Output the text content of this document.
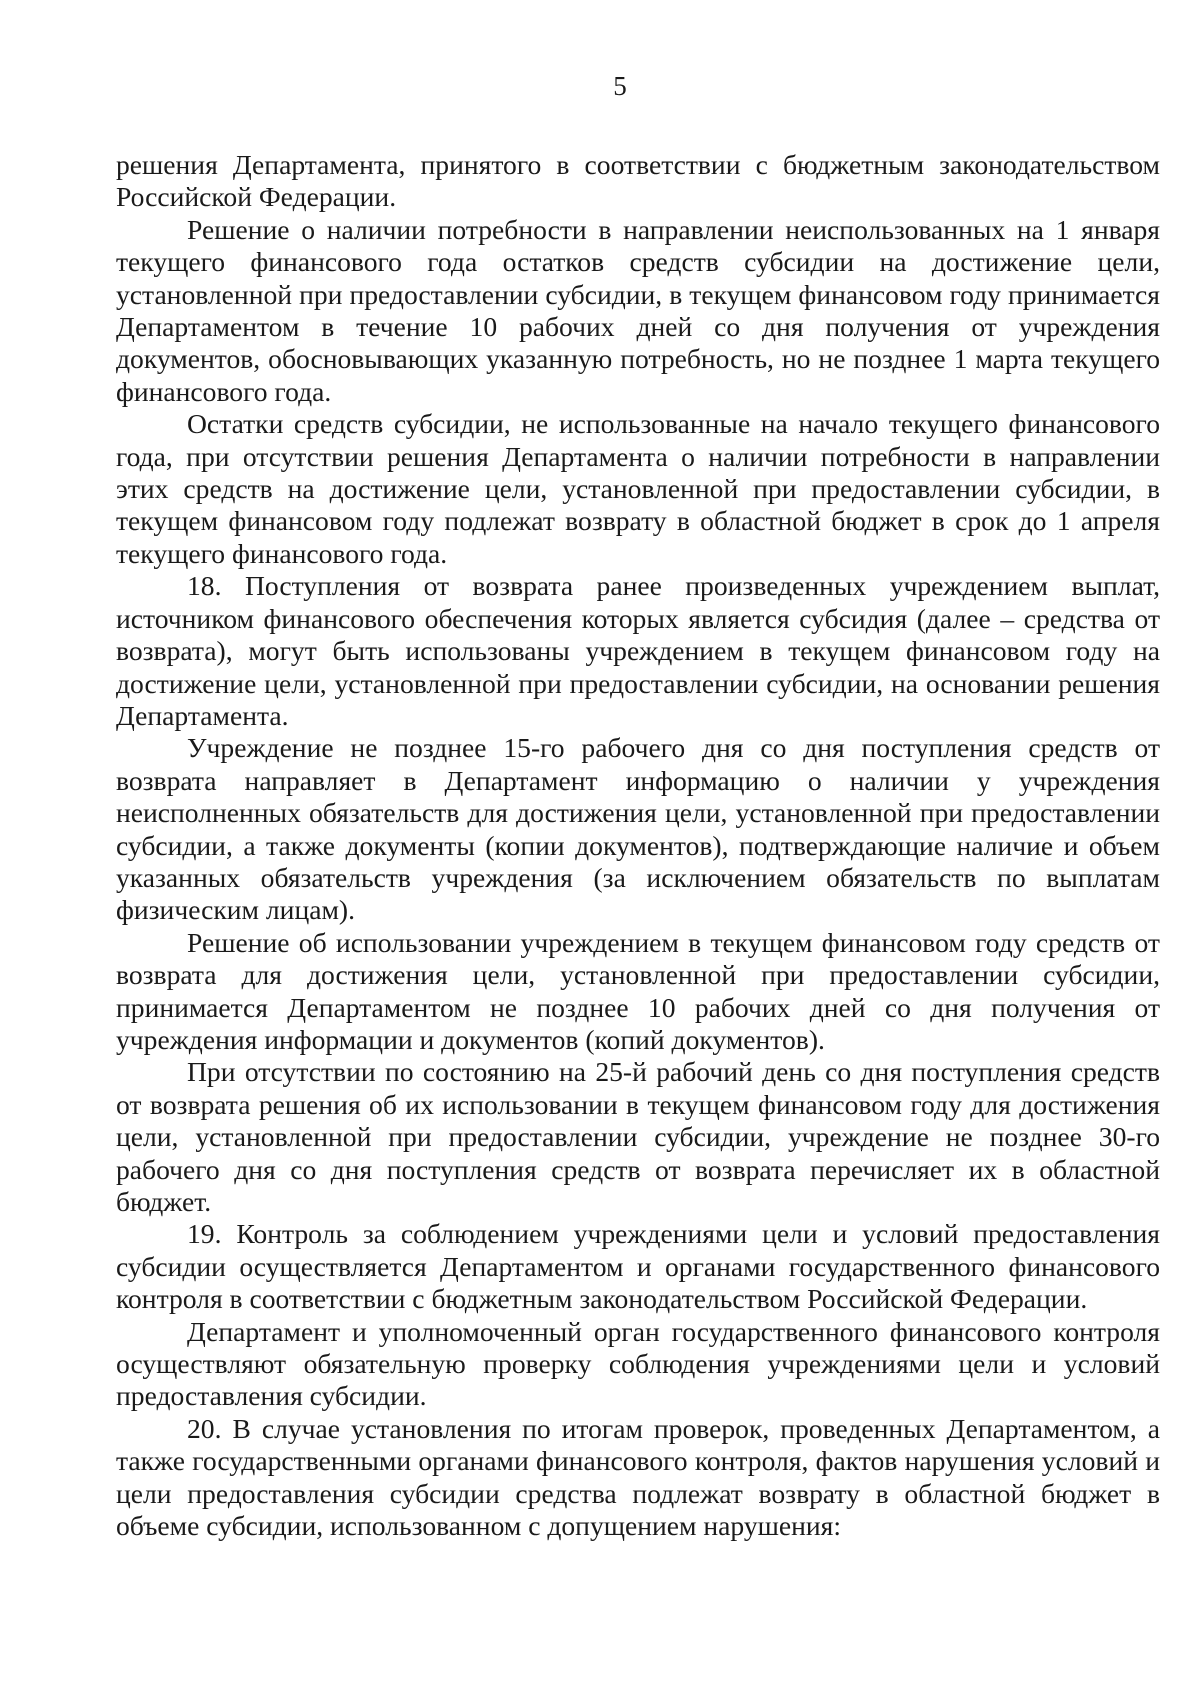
5

решения Департамента, принятого в соответствии с бюджетным законодательством Российской Федерации.

Решение о наличии потребности в направлении неиспользованных на 1 января текущего финансового года остатков средств субсидии на достижение цели, установленной при предоставлении субсидии, в текущем финансовом году принимается Департаментом в течение 10 рабочих дней со дня получения от учреждения документов, обосновывающих указанную потребность, но не позднее 1 марта текущего финансового года.

Остатки средств субсидии, не использованные на начало текущего финансового года, при отсутствии решения Департамента о наличии потребности в направлении этих средств на достижение цели, установленной при предоставлении субсидии, в текущем финансовом году подлежат возврату в областной бюджет в срок до 1 апреля текущего финансового года.

18. Поступления от возврата ранее произведенных учреждением выплат, источником финансового обеспечения которых является субсидия (далее – средства от возврата), могут быть использованы учреждением в текущем финансовом году на достижение цели, установленной при предоставлении субсидии, на основании решения Департамента.

Учреждение не позднее 15-го рабочего дня со дня поступления средств от возврата направляет в Департамент информацию о наличии у учреждения неисполненных обязательств для достижения цели, установленной при предоставлении субсидии, а также документы (копии документов), подтверждающие наличие и объем указанных обязательств учреждения (за исключением обязательств по выплатам физическим лицам).

Решение об использовании учреждением в текущем финансовом году средств от возврата для достижения цели, установленной при предоставлении субсидии, принимается Департаментом не позднее 10 рабочих дней со дня получения от учреждения информации и документов (копий документов).

При отсутствии по состоянию на 25-й рабочий день со дня поступления средств от возврата решения об их использовании в текущем финансовом году для достижения цели, установленной при предоставлении субсидии, учреждение не позднее 30-го рабочего дня со дня поступления средств от возврата перечисляет их в областной бюджет.

19. Контроль за соблюдением учреждениями цели и условий предоставления субсидии осуществляется Департаментом и органами государственного финансового контроля в соответствии с бюджетным законодательством Российской Федерации.

Департамент и уполномоченный орган государственного финансового контроля осуществляют обязательную проверку соблюдения учреждениями цели и условий предоставления субсидии.

20. В случае установления по итогам проверок, проведенных Департаментом, а также государственными органами финансового контроля, фактов нарушения условий и цели предоставления субсидии средства подлежат возврату в областной бюджет в объеме субсидии, использованном с допущением нарушения:
